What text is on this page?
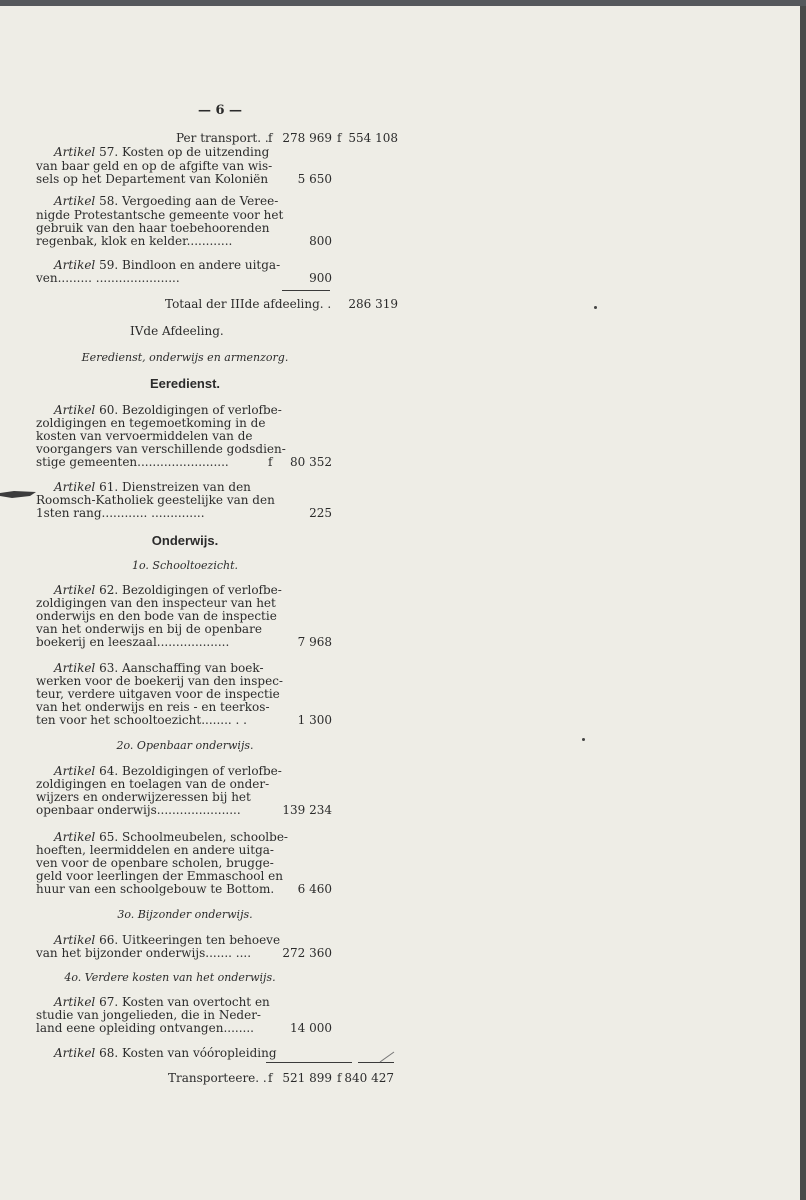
— 6 —
Per transport. . f 278 969 f 554 108
Artikel 57. Kosten op de uitzending
van baar geld en op de afgifte van wis-
sels op het Departement van Koloniën	5 650
Artikel 58. Vergoeding aan de Veree-
nigde Protestantsche gemeente voor het
gebruik van den haar toebehoorenden
regenbak, klok en kelder............	800
Artikel 59. Bindloon en andere uitga-
ven......... ......................	900
Totaal der IIIde afdeeling. .	286 319
IVde Afdeeling.
Eeredienst, onderwijs en armenzorg.
Eeredienst.
Artikel 60. Bezoldigingen of verlofbe-
zoldigingen en tegemoetkoming in de
kosten van vervoermiddelen van de
voorgangers van verschillende godsdien-
stige gemeenten........................	f	80 352
Artikel 61. Dienstreizen van den
Roomsch-Katholiek geestelijke van den
1sten rang............ ..............	225
Onderwijs.
1o. Schooltoezicht.
Artikel 62. Bezoldigingen of verlofbe-
zoldigingen van den inspecteur van het
onderwijs en den bode van de inspectie
van het onderwijs en bij de openbare
boekerij en leeszaal...................	7 968
Artikel 63. Aanschaffing van boek-
werken voor de boekerij van den inspec-
teur, verdere uitgaven voor de inspectie
van het onderwijs en reis - en teerkos-
ten voor het schooltoezicht........ . .	1 300
2o. Openbaar onderwijs.
Artikel 64. Bezoldigingen of verlofbe-
zoldigingen en toelagen van de onder-
wijzers en onderwijzeressen bij het
openbaar onderwijs......................	139 234
Artikel 65. Schoolmeubelen, schoolbe-
hoeften, leermiddelen en andere uitga-
ven voor de openbare scholen, brugge-
geld voor leerlingen der Emmaschool en
huur van een schoolgebouw te Bottom.	6 460
3o. Bijzonder onderwijs.
Artikel 66. Uitkeeringen ten behoeve
van het bijzonder onderwijs....... ....	272 360
4o. Verdere kosten van het onderwijs.
Artikel 67. Kosten van overtocht en
studie van jongelieden, die in Neder-
land eene opleiding ontvangen........	14 000
Artikel 68. Kosten van vóóropleiding
Transporteere. . f 521 899 f 840 427
